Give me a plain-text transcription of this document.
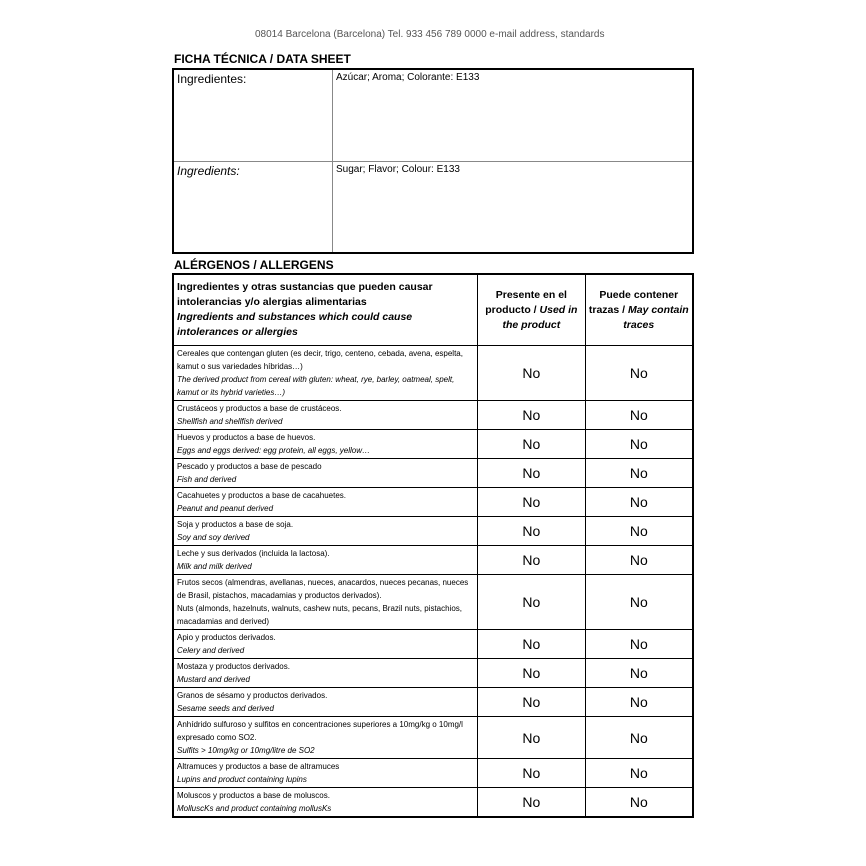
08014 Barcelona (Barcelona) Tel. 933 456 789 0000 e-mail address, standards
FICHA TÉCNICA / DATA SHEET
Ingredientes:	Azúcar; Aroma; Colorante: E133
Ingredients:	Sugar; Flavor; Colour: E133
ALÉRGENOS / ALLERGENS
Ingredientes y otras sustancias que pueden causar intolerancias y/o alergias alimentarias
Ingredients and substances which could cause intolerances or allergies	Presente en el producto / Used in the product	Puede contener trazas / May contain traces

Cereales que contengan gluten (es decir, trigo, centeno, cebada, avena, espelta, kamut o sus variedades híbridas…)
The derived product from cereal with gluten: wheat, rye, barley, oatmeal, spelt, kamut or its hybrid varieties…)	No	No

Crustáceos y productos a base de crustáceos.
Shellfish and shellfish derived	No	No

Huevos y productos a base de huevos.
Eggs and eggs derived: egg protein, all eggs, yellow…	No	No

Pescado y productos a base de pescado
Fish and derived	No	No

Cacahuetes y productos a base de cacahuetes.
Peanut and peanut derived	No	No

Soja y productos a base de soja.
Soy and soy derived	No	No

Leche y sus derivados (incluida la lactosa).
Milk and milk derived	No	No

Frutos secos (almendras, avellanas, nueces, anacardos, nueces pecanas, nueces de Brasil, pistachos, macadamias y productos derivados).
Nuts (almonds, hazelnuts, walnuts, cashew nuts, pecans, Brazil nuts, pistachios, macadamias and derived)	No	No

Apio y productos derivados.
Celery and derived	No	No

Mostaza y productos derivados.
Mustard and derived	No	No

Granos de sésamo y productos derivados.
Sesame seeds and derived	No	No

Anhídrido sulfuroso y sulfitos en concentraciones superiores a 10mg/kg o 10mg/l expresado como SO2.
Sulfits > 10mg/kg or 10mg/litre de SO2	No	No

Altramuces y productos a base de altramuces
Lupins and product containing lupins	No	No

Moluscos y productos a base de moluscos.
MolluscKs and product containing mollusKs	No	No
